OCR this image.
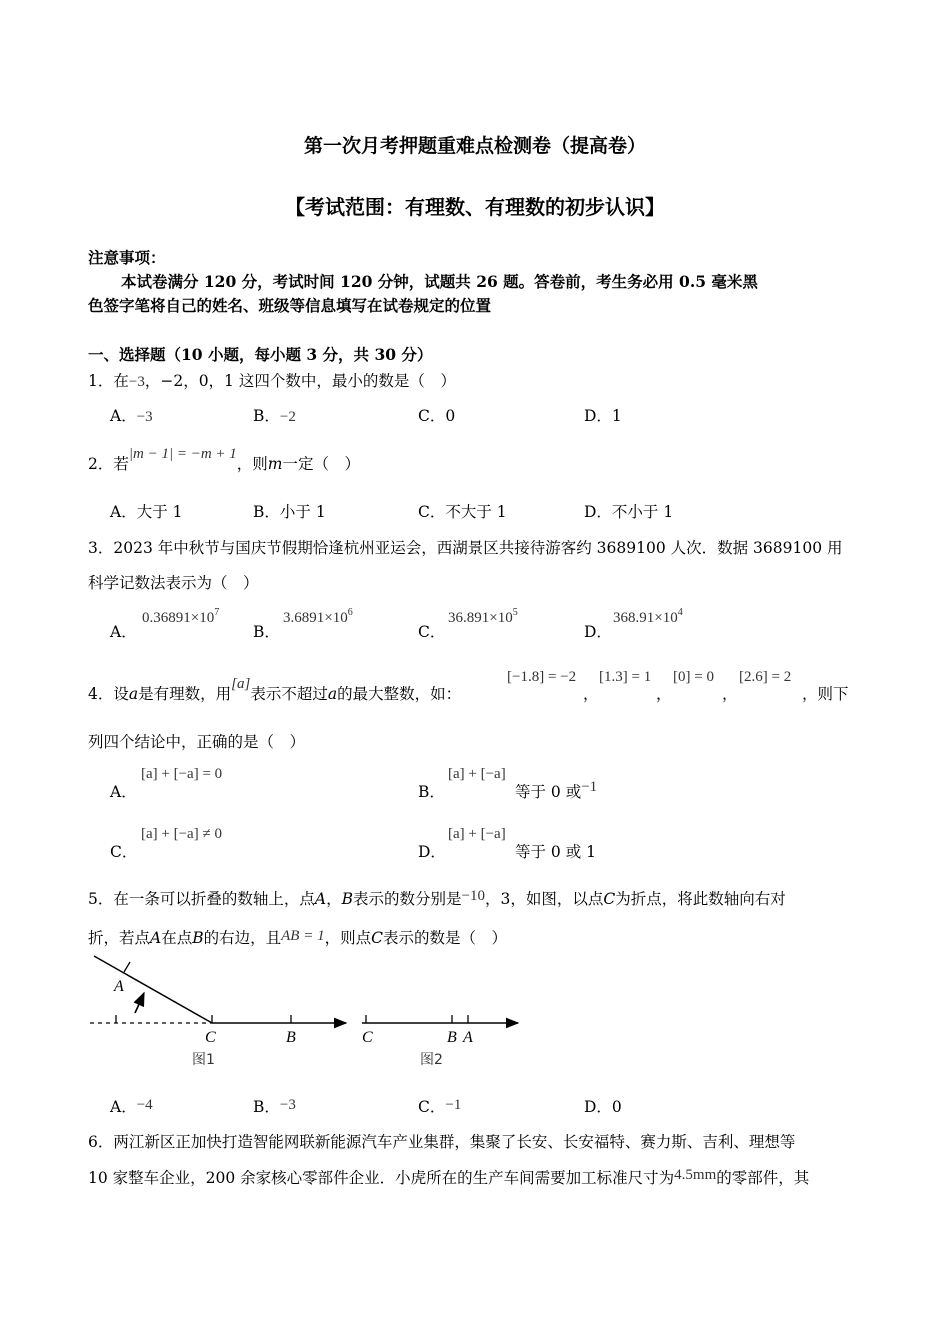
第一次月考押题重难点检测卷（提高卷）
【考试范围：有理数、有理数的初步认识】
注意事项：
本试卷满分 120 分，考试时间 120 分钟，试题共 26 题。答卷前，考生务必用 0.5 毫米黑
色签字笔将自己的姓名、班级等信息填写在试卷规定的位置
一、选择题（10 小题，每小题 3 分，共 30 分）
1．在−3，−2，0，1 这四个数中，最小的数是（　）
A．−3	B．−2	C．0	D．1
2．若|m − 1| = −m + 1，则m一定（　）
A．大于 1	B．小于 1	C．不大于 1	D．不小于 1
3．2023 年中秋节与国庆节假期恰逢杭州亚运会，西湖景区共接待游客约 3689100 人次．数据 3689100 用
科学记数法表示为（　）
A．
$0.36891\times 10^7$
B．
$3.6891\times 10^6$
C．
$36.891\times 10^5$
D．
$368.91\times 10^4$
4．设a是有理数，用[a]表示不超过a的最大整数，如：
[−1.8] = −2
，
[1.3] = 1
，
[0] = 0
，
[2.6] = 2
，则下
列四个结论中，正确的是（　）
A．
[a] + [−a] = 0
B．
[a] + [−a]
等于 0 或−1
C．
[a] + [−a] ≠ 0
D．
[a] + [−a]
等于 0 或 1
5．在一条可以折叠的数轴上，点A，B表示的数分别是−10，3，如图，以点C为折点，将此数轴向右对
折，若点A在点B的右边，且AB = 1，则点C表示的数是（　）
A
C	B
图1
C	B A
图2
A．−4	B．−3	C．−1	D．0
6．两江新区正加快打造智能网联新能源汽车产业集群，集聚了长安、长安福特、赛力斯、吉利、理想等
10 家整车企业，200 余家核心零部件企业．小虎所在的生产车间需要加工标准尺寸为4.5mm的零部件，其
